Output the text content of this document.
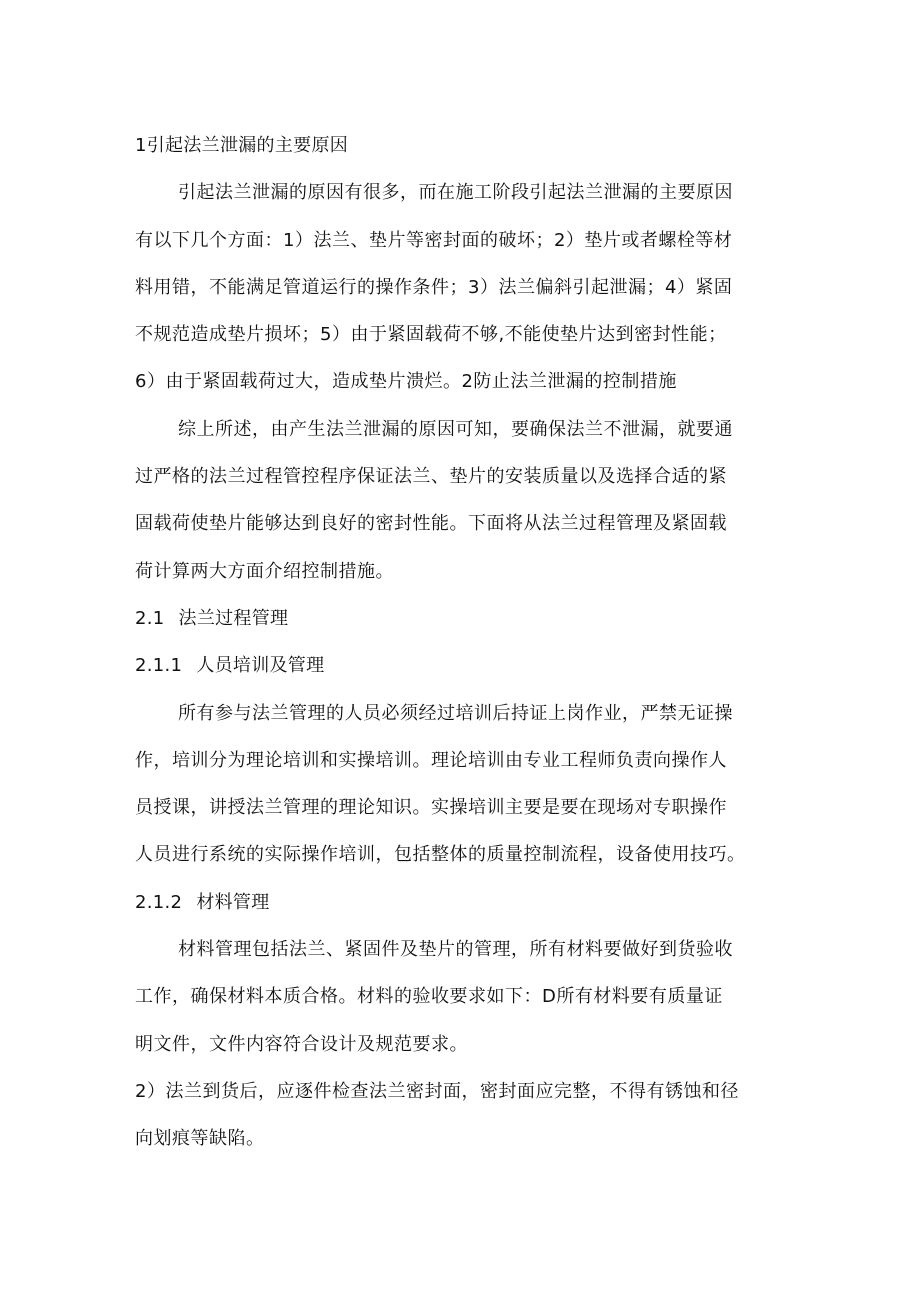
1引起法兰泄漏的主要原因
引起法兰泄漏的原因有很多，而在施工阶段引起法兰泄漏的主要原因
有以下几个方面：1）法兰、垫片等密封面的破坏；2）垫片或者螺栓等材
料用错，不能满足管道运行的操作条件；3）法兰偏斜引起泄漏；4）紧固
不规范造成垫片损坏；5）由于紧固载荷不够,不能使垫片达到密封性能；
6）由于紧固载荷过大，造成垫片溃烂。2防止法兰泄漏的控制措施
综上所述，由产生法兰泄漏的原因可知，要确保法兰不泄漏，就要通
过严格的法兰过程管控程序保证法兰、垫片的安装质量以及选择合适的紧
固载荷使垫片能够达到良好的密封性能。下面将从法兰过程管理及紧固载
荷计算两大方面介绍控制措施。
2.1 法兰过程管理
2.1.1 人员培训及管理
所有参与法兰管理的人员必须经过培训后持证上岗作业，严禁无证操
作，培训分为理论培训和实操培训。理论培训由专业工程师负责向操作人
员授课，讲授法兰管理的理论知识。实操培训主要是要在现场对专职操作
人员进行系统的实际操作培训，包括整体的质量控制流程，设备使用技巧。
2.1.2 材料管理
材料管理包括法兰、紧固件及垫片的管理，所有材料要做好到货验收
工作，确保材料本质合格。材料的验收要求如下：D所有材料要有质量证
明文件，文件内容符合设计及规范要求。
2）法兰到货后，应逐件检查法兰密封面，密封面应完整，不得有锈蚀和径
向划痕等缺陷。
